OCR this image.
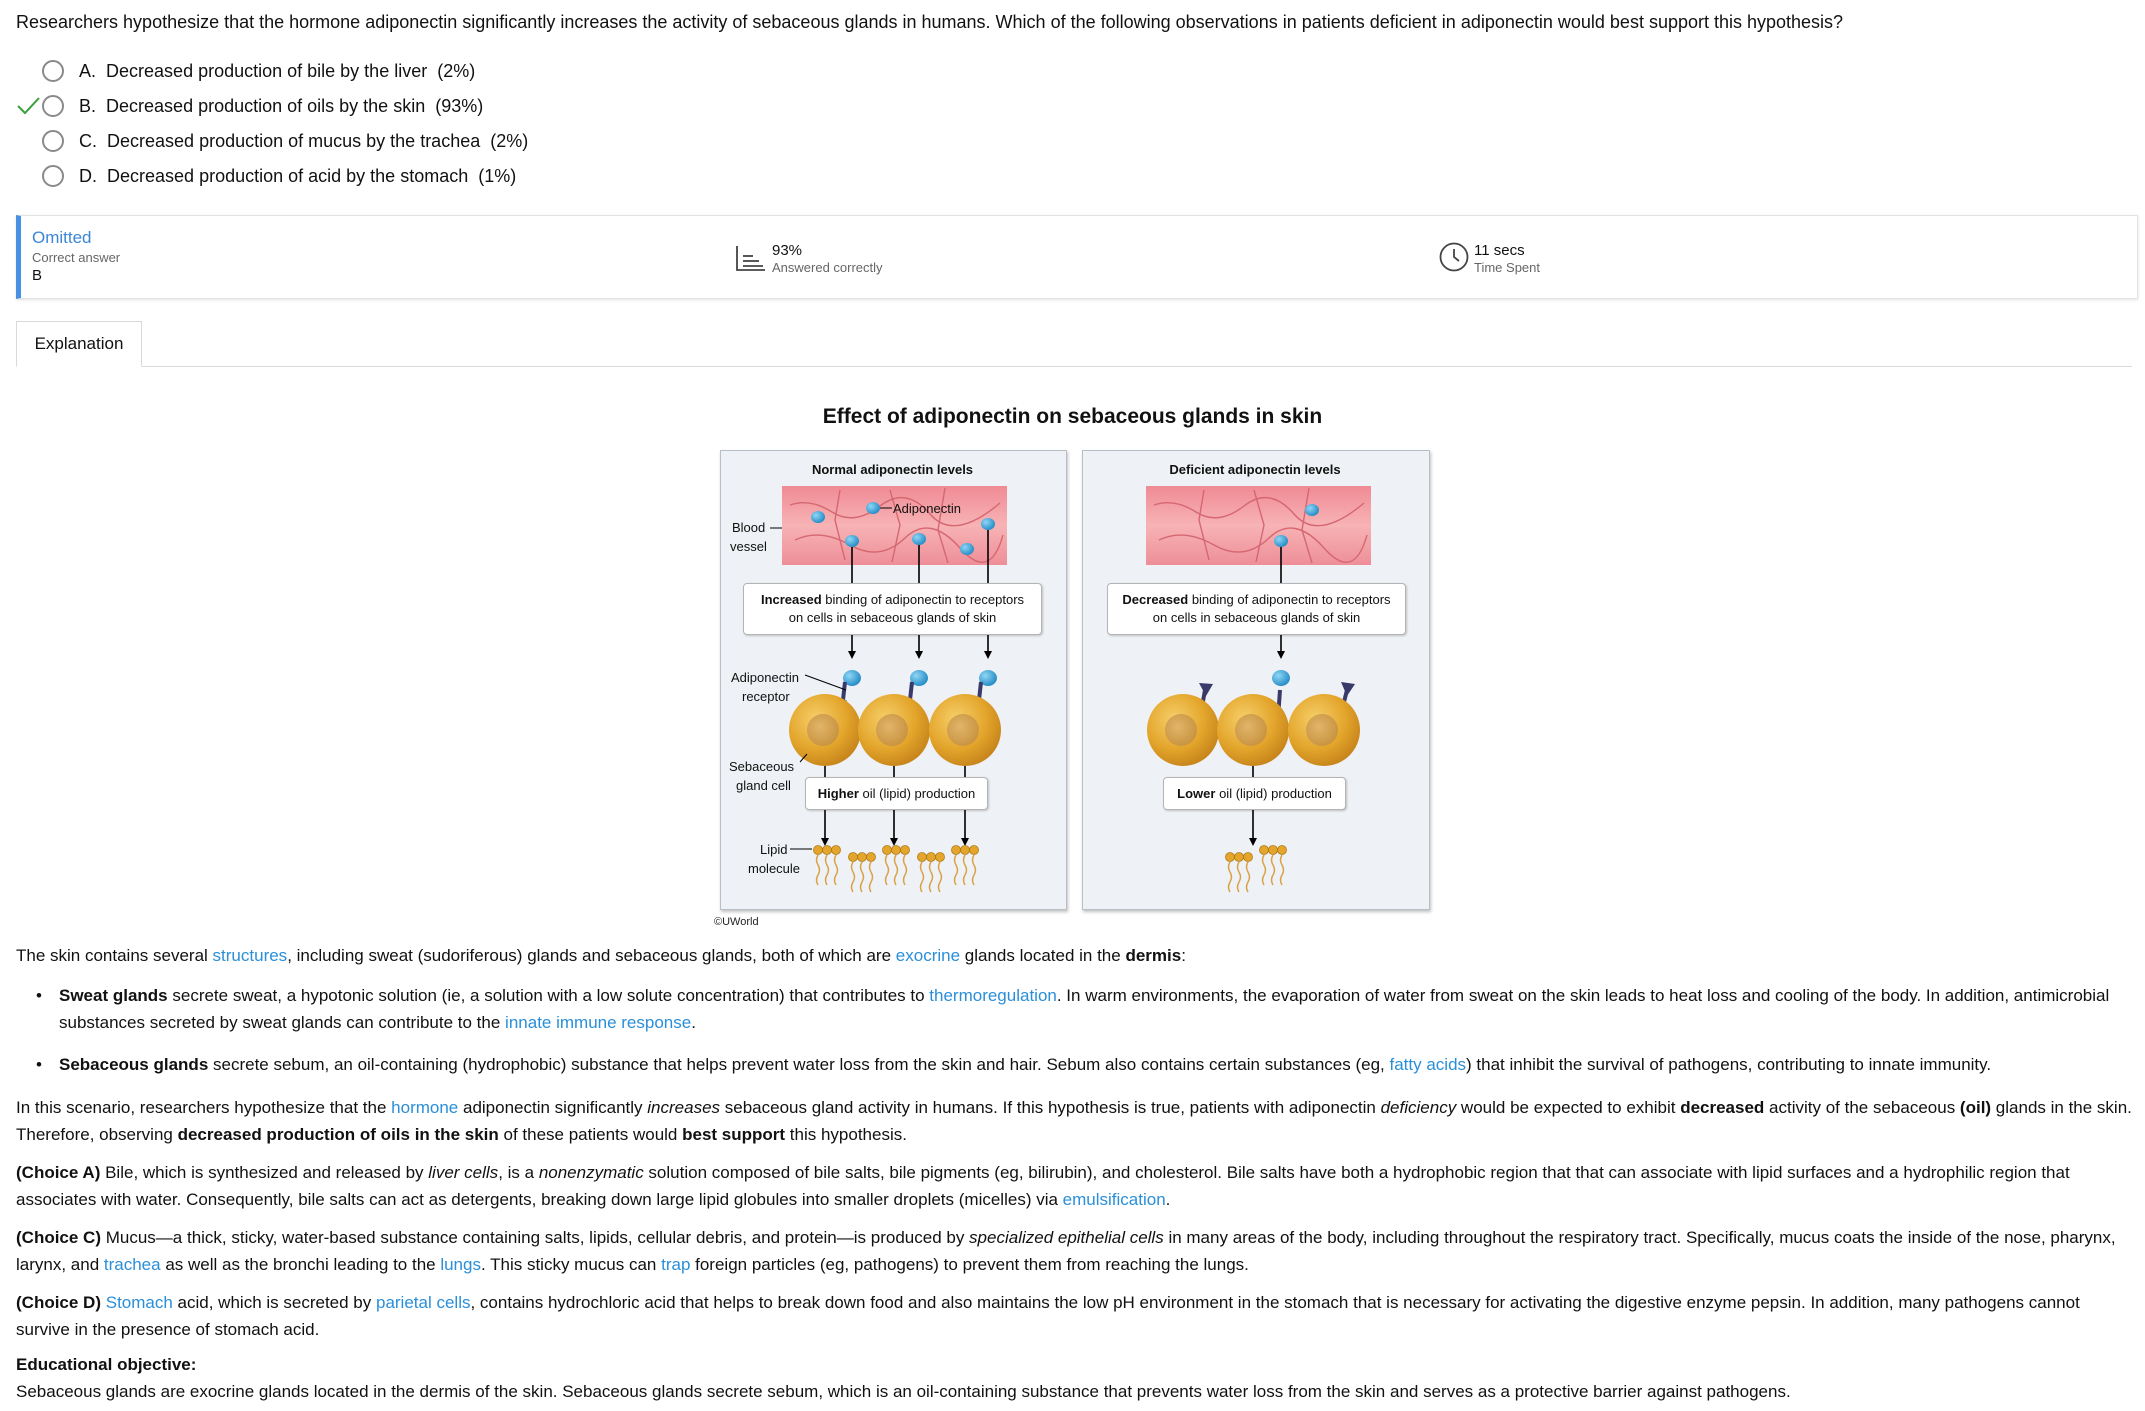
Researchers hypothesize that the hormone adiponectin significantly increases the activity of sebaceous glands in humans. Which of the following observations in patients deficient in adiponectin would best support this hypothesis?
A. Decreased production of bile by the liver (2%)
B. Decreased production of oils by the skin (93%)
C. Decreased production of mucus by the trachea (2%)
D. Decreased production of acid by the stomach (1%)
Omitted
Correct answer
B
93%
Answered correctly
11 secs
Time Spent
Explanation
Effect of adiponectin on sebaceous glands in skin
Normal adiponectin levels	Deficient adiponectin levels
Adiponectin
Blood
vessel
Adiponectin
receptor
Sebaceous
gland cell
Lipid
molecule
Increased binding of adiponectin to receptors
on cells in sebaceous glands of skin
Decreased binding of adiponectin to receptors
on cells in sebaceous glands of skin
Higher oil (lipid) production	Lower oil (lipid) production
©UWorld
The skin contains several structures, including sweat (sudoriferous) glands and sebaceous glands, both of which are exocrine glands located in the dermis:
• Sweat glands secrete sweat, a hypotonic solution (ie, a solution with a low solute concentration) that contributes to thermoregulation. In warm environments, the evaporation of water from sweat on the skin leads to heat loss and cooling of the body. In addition, antimicrobial substances secreted by sweat glands can contribute to the innate immune response.
• Sebaceous glands secrete sebum, an oil-containing (hydrophobic) substance that helps prevent water loss from the skin and hair. Sebum also contains certain substances (eg, fatty acids) that inhibit the survival of pathogens, contributing to innate immunity.
In this scenario, researchers hypothesize that the hormone adiponectin significantly increases sebaceous gland activity in humans. If this hypothesis is true, patients with adiponectin deficiency would be expected to exhibit decreased activity of the sebaceous (oil) glands in the skin. Therefore, observing decreased production of oils in the skin of these patients would best support this hypothesis.
(Choice A) Bile, which is synthesized and released by liver cells, is a nonenzymatic solution composed of bile salts, bile pigments (eg, bilirubin), and cholesterol. Bile salts have both a hydrophobic region that that can associate with lipid surfaces and a hydrophilic region that associates with water. Consequently, bile salts can act as detergents, breaking down large lipid globules into smaller droplets (micelles) via emulsification.
(Choice C) Mucus—a thick, sticky, water-based substance containing salts, lipids, cellular debris, and protein—is produced by specialized epithelial cells in many areas of the body, including throughout the respiratory tract. Specifically, mucus coats the inside of the nose, pharynx, larynx, and trachea as well as the bronchi leading to the lungs. This sticky mucus can trap foreign particles (eg, pathogens) to prevent them from reaching the lungs.
(Choice D) Stomach acid, which is secreted by parietal cells, contains hydrochloric acid that helps to break down food and also maintains the low pH environment in the stomach that is necessary for activating the digestive enzyme pepsin. In addition, many pathogens cannot survive in the presence of stomach acid.
Educational objective:
Sebaceous glands are exocrine glands located in the dermis of the skin. Sebaceous glands secrete sebum, which is an oil-containing substance that prevents water loss from the skin and serves as a protective barrier against pathogens.
